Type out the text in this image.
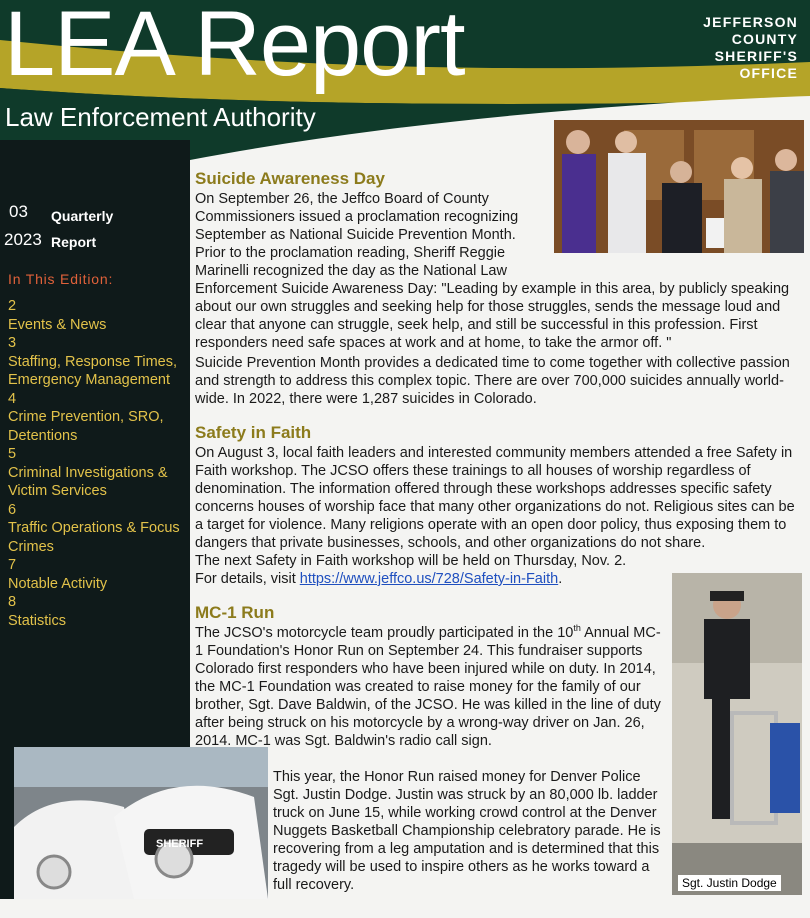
LEA Report
Law Enforcement Authority
JEFFERSON
COUNTY
SHERIFF'S
OFFICE
03 Quarterly
2023 Report
In This Edition:
2
Events & News
3
Staffing, Response Times, Emergency Management
4
Crime Prevention, SRO, Detentions
5
Criminal Investigations & Victim Services
6
Traffic Operations & Focus Crimes
7
Notable Activity
8
Statistics
Sgt. Justin Dodge
SHERIFF
Suicide Awareness Day

On September 26, the Jeffco Board of County Commissioners issued a proclamation recognizing September as National Suicide Prevention Month. Prior to the proclamation reading, Sheriff Reggie Marinelli recognized the day as the National Law Enforcement Suicide Awareness Day: "Leading by example in this area, by publicly speaking about our own struggles and seeking help for those struggles, sends the message loud and clear that anyone can struggle, seek help, and still be successful in this profession. First responders need safe spaces at work and at home, to take the armor off. "

Suicide Prevention Month provides a dedicated time to come together with collective passion and strength to address this complex topic. There are over 700,000 suicides annually world-wide. In 2022, there were 1,287 suicides in Colorado.

Safety in Faith

On August 3, local faith leaders and interested community members attended a free Safety in Faith workshop. The JCSO offers these trainings to all houses of worship regardless of denomination. The information offered through these workshops addresses specific safety concerns houses of worship face that many other organizations do not. Religious sites can be a target for violence. Many religions operate with an open door policy, thus exposing them to dangers that private businesses, schools, and other organizations do not share.

The next Safety in Faith workshop will be held on Thursday, Nov. 2.

For details, visit https://www.jeffco.us/728/Safety-in-Faith.

MC-1 Run

The JCSO's motorcycle team proudly participated in the 10th Annual MC-1 Foundation's Honor Run on September 24. This fundraiser supports Colorado first responders who have been injured while on duty. In 2014, the MC-1 Foundation was created to raise money for the family of our brother, Sgt. Dave Baldwin, of the JCSO. He was killed in the line of duty after being struck on his motorcycle by a wrong-way driver on Jan. 26, 2014. MC-1 was Sgt. Baldwin's radio call sign.

This year, the Honor Run raised money for Denver Police Sgt. Justin Dodge. Justin was struck by an 80,000 lb. ladder truck on June 15, while working crowd control at the Denver Nuggets Basketball Championship celebratory parade. He is recovering from a leg amputation and is determined that this tragedy will be used to inspire others as he works toward a full recovery.
